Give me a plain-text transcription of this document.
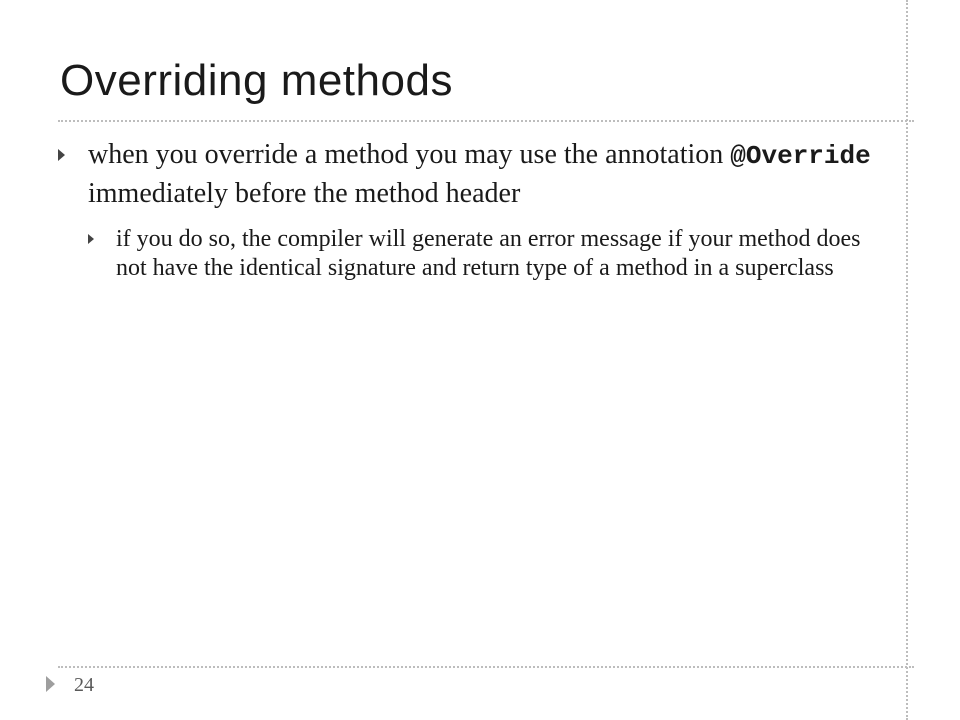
Overriding methods
when you override a method you may use the annotation @Override immediately before the method header
if you do so, the compiler will generate an error message if your method does not have the identical signature and return type of a method in a superclass
24
